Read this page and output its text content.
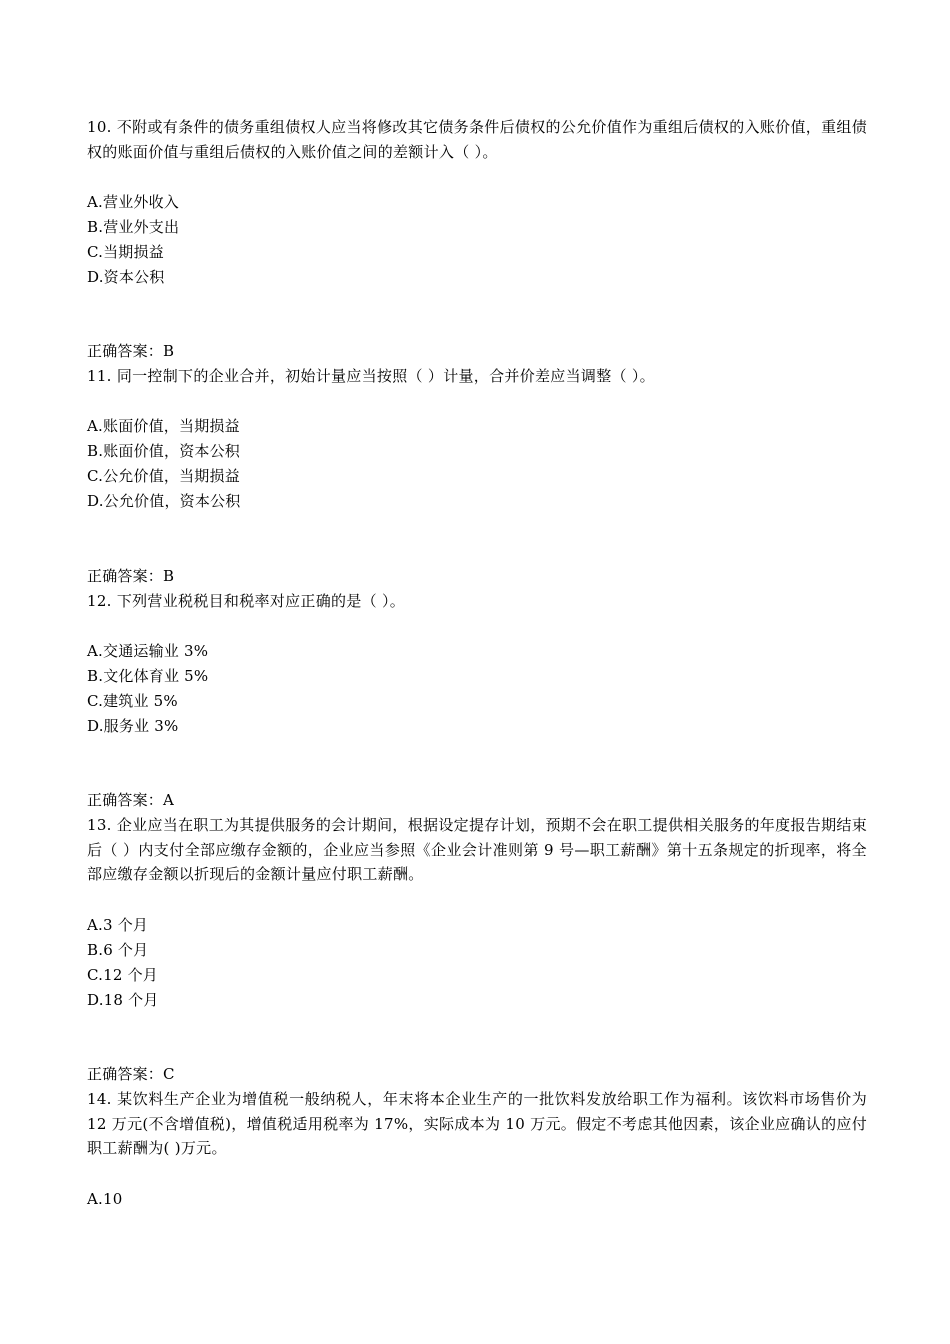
10. 不附或有条件的债务重组债权人应当将修改其它债务条件后债权的公允价值作为重组后债权的入账价值，重组债权的账面价值与重组后债权的入账价值之间的差额计入（ ）。
A.营业外收入
B.营业外支出
C.当期损益
D.资本公积
正确答案：B
11. 同一控制下的企业合并，初始计量应当按照（ ）计量，合并价差应当调整（ ）。
A.账面价值，当期损益
B.账面价值，资本公积
C.公允价值，当期损益
D.公允价值，资本公积
正确答案：B
12. 下列营业税税目和税率对应正确的是（ ）。
A.交通运输业 3%
B.文化体育业 5%
C.建筑业 5%
D.服务业 3%
正确答案：A
13. 企业应当在职工为其提供服务的会计期间，根据设定提存计划，预期不会在职工提供相关服务的年度报告期结束后（ ）内支付全部应缴存金额的，企业应当参照《企业会计准则第 9 号—职工薪酬》第十五条规定的折现率，将全部应缴存金额以折现后的金额计量应付职工薪酬。
A.3 个月
B.6 个月
C.12 个月
D.18 个月
正确答案：C
14. 某饮料生产企业为增值税一般纳税人，年末将本企业生产的一批饮料发放给职工作为福利。该饮料市场售价为 12 万元(不含增值税)，增值税适用税率为 17%，实际成本为 10 万元。假定不考虑其他因素，该企业应确认的应付职工薪酬为( )万元。
A.10
